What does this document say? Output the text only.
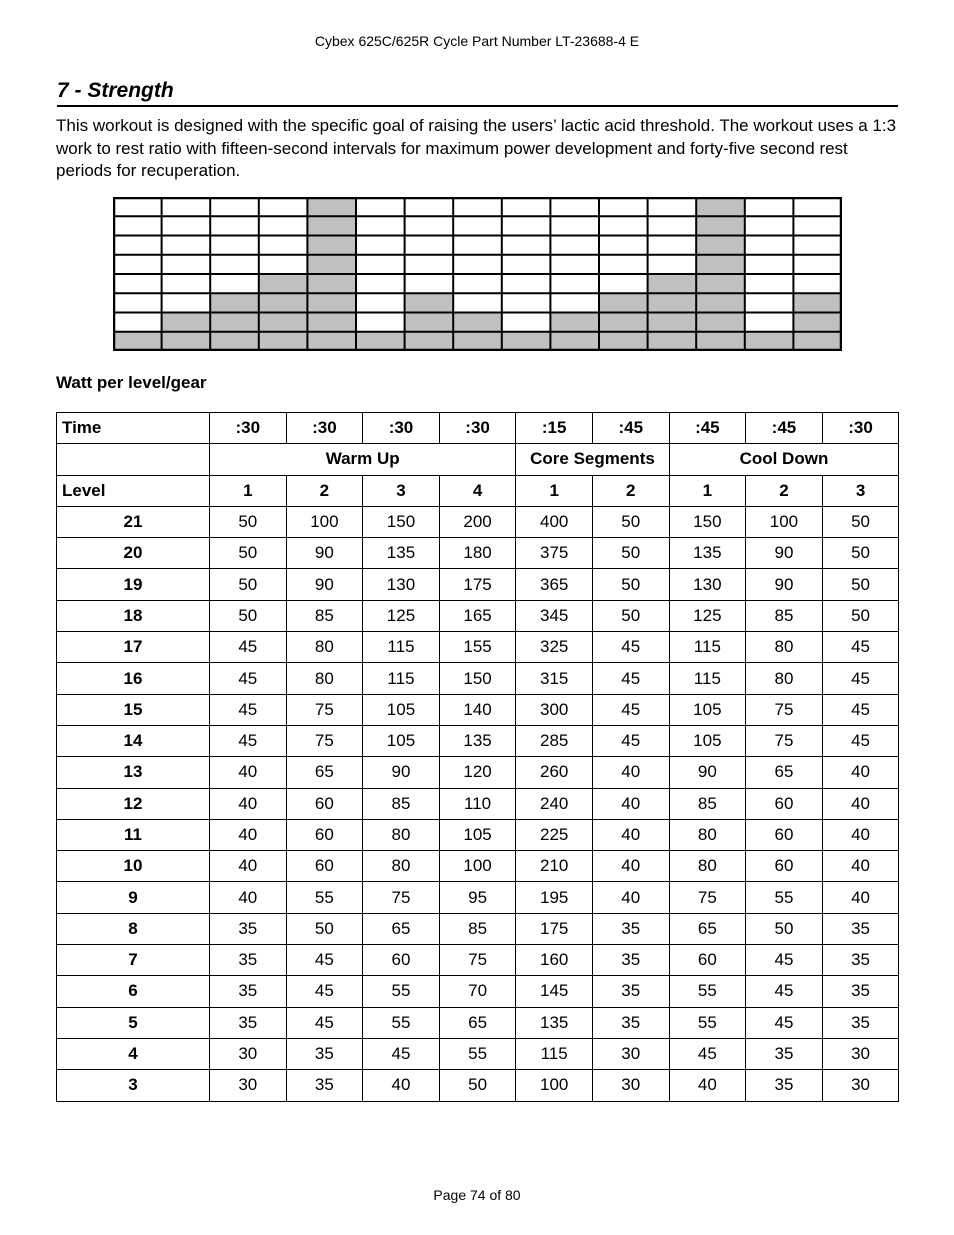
Cybex 625C/625R Cycle Part Number LT-23688-4 E
7 - Strength
This workout is designed with the specific goal of raising the users’ lactic acid threshold. The workout uses a 1:3 work to rest ratio with fifteen-second intervals for maximum power development and forty-five second rest periods for recuperation.
Watt per level/gear
Time	:30	:30	:30	:30	:15	:45	:45	:45	:30
	Warm Up				Core Segments		Cool Down		
Level	1	2	3	4	1	2	1	2	3
21	50	100	150	200	400	50	150	100	50
20	50	90	135	180	375	50	135	90	50
19	50	90	130	175	365	50	130	90	50
18	50	85	125	165	345	50	125	85	50
17	45	80	115	155	325	45	115	80	45
16	45	80	115	150	315	45	115	80	45
15	45	75	105	140	300	45	105	75	45
14	45	75	105	135	285	45	105	75	45
13	40	65	90	120	260	40	90	65	40
12	40	60	85	110	240	40	85	60	40
11	40	60	80	105	225	40	80	60	40
10	40	60	80	100	210	40	80	60	40
9	40	55	75	95	195	40	75	55	40
8	35	50	65	85	175	35	65	50	35
7	35	45	60	75	160	35	60	45	35
6	35	45	55	70	145	35	55	45	35
5	35	45	55	65	135	35	55	45	35
4	30	35	45	55	115	30	45	35	30
3	30	35	40	50	100	30	40	35	30
Page 74 of 80
